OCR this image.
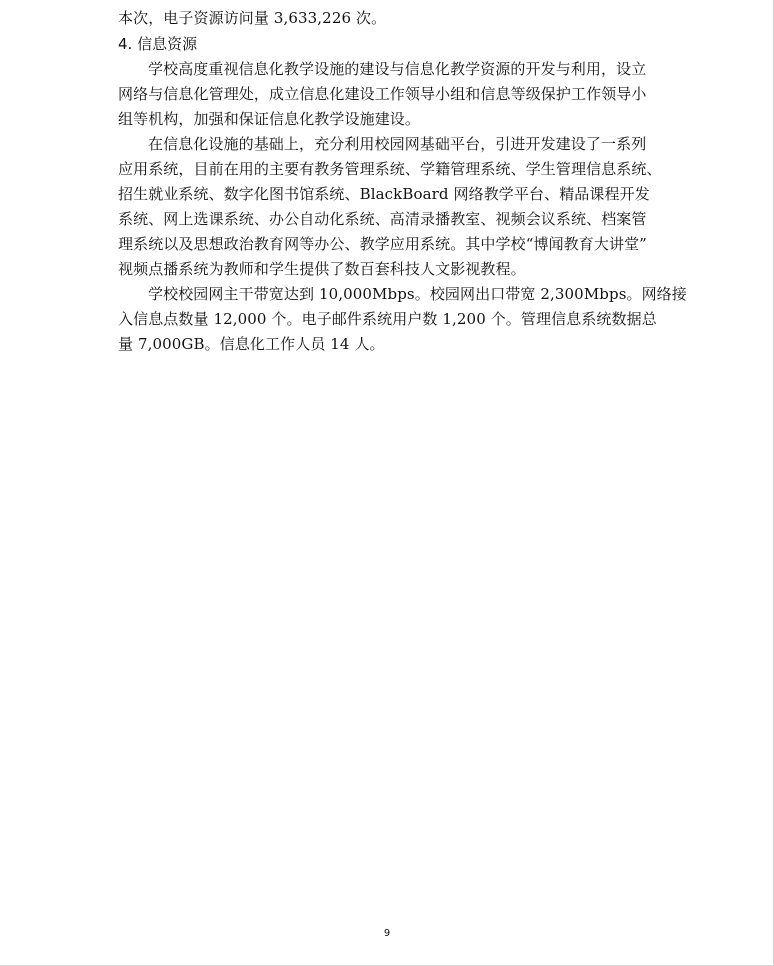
本次，电子资源访问量 3,633,226 次。
4. 信息资源
学校高度重视信息化教学设施的建设与信息化教学资源的开发与利用，设立
网络与信息化管理处，成立信息化建设工作领导小组和信息等级保护工作领导小
组等机构，加强和保证信息化教学设施建设。
在信息化设施的基础上，充分利用校园网基础平台，引进开发建设了一系列
应用系统，目前在用的主要有教务管理系统、学籍管理系统、学生管理信息系统、
招生就业系统、数字化图书馆系统、BlackBoard 网络教学平台、精品课程开发
系统、网上选课系统、办公自动化系统、高清录播教室、视频会议系统、档案管
理系统以及思想政治教育网等办公、教学应用系统。其中学校“博闻教育大讲堂”
视频点播系统为教师和学生提供了数百套科技人文影视教程。
学校校园网主干带宽达到 10,000Mbps。校园网出口带宽 2,300Mbps。网络接
入信息点数量 12,000 个。电子邮件系统用户数 1,200 个。管理信息系统数据总
量 7,000GB。信息化工作人员 14 人。
9
